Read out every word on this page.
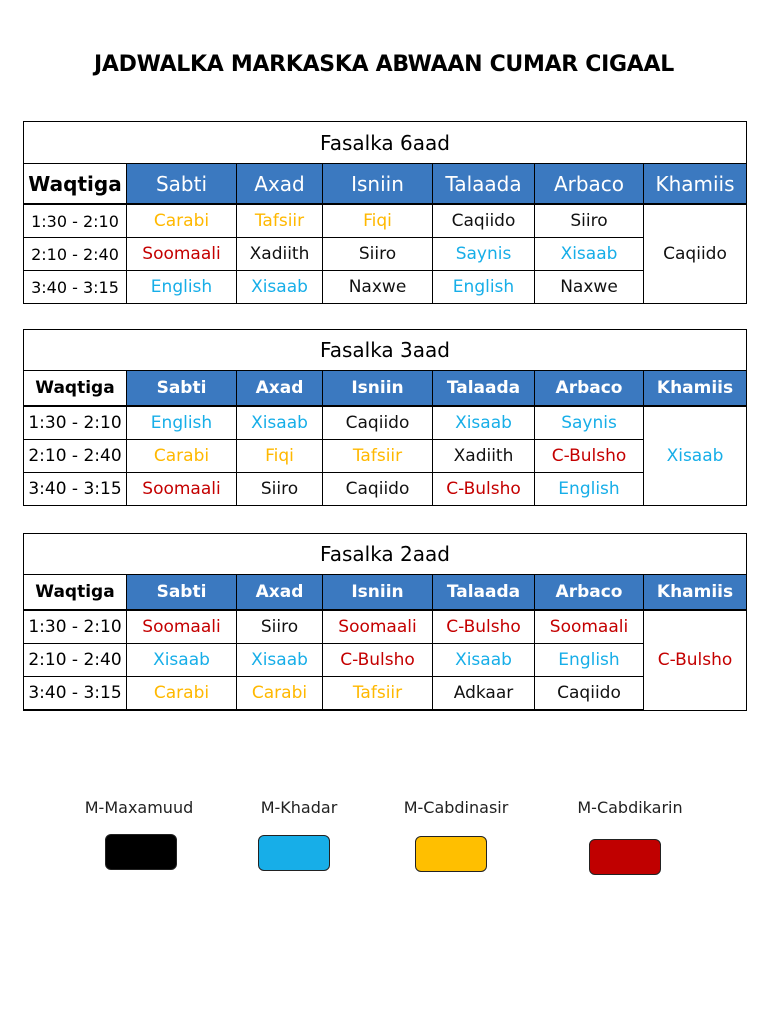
JADWALKA MARKASKA ABWAAN CUMAR CIGAAL
Fasalka 6aad						
Waqtiga	Sabti	Axad	Isniin	Talaada	Arbaco	Khamiis
1:30 - 2:10	Carabi	Tafsiir	Fiqi	Caqiido	Siiro	Caqiido
2:10 - 2:40	Soomaali	Xadiith	Siiro	Saynis	Xisaab	
3:40 - 3:15	English	Xisaab	Naxwe	English	Naxwe	
Fasalka 3aad						
Waqtiga	Sabti	Axad	Isniin	Talaada	Arbaco	Khamiis
1:30 - 2:10	English	Xisaab	Caqiido	Xisaab	Saynis	Xisaab
2:10 - 2:40	Carabi	Fiqi	Tafsiir	Xadiith	C-Bulsho	
3:40 - 3:15	Soomaali	Siiro	Caqiido	C-Bulsho	English	
Fasalka 2aad						
Waqtiga	Sabti	Axad	Isniin	Talaada	Arbaco	Khamiis
1:30 - 2:10	Soomaali	Siiro	Soomaali	C-Bulsho	Soomaali	C-Bulsho
2:10 - 2:40	Xisaab	Xisaab	C-Bulsho	Xisaab	English	
3:40 - 3:15	Carabi	Carabi	Tafsiir	Adkaar	Caqiido	
M-Maxamuud	M-Khadar	M-Cabdinasir	M-Cabdikarin
